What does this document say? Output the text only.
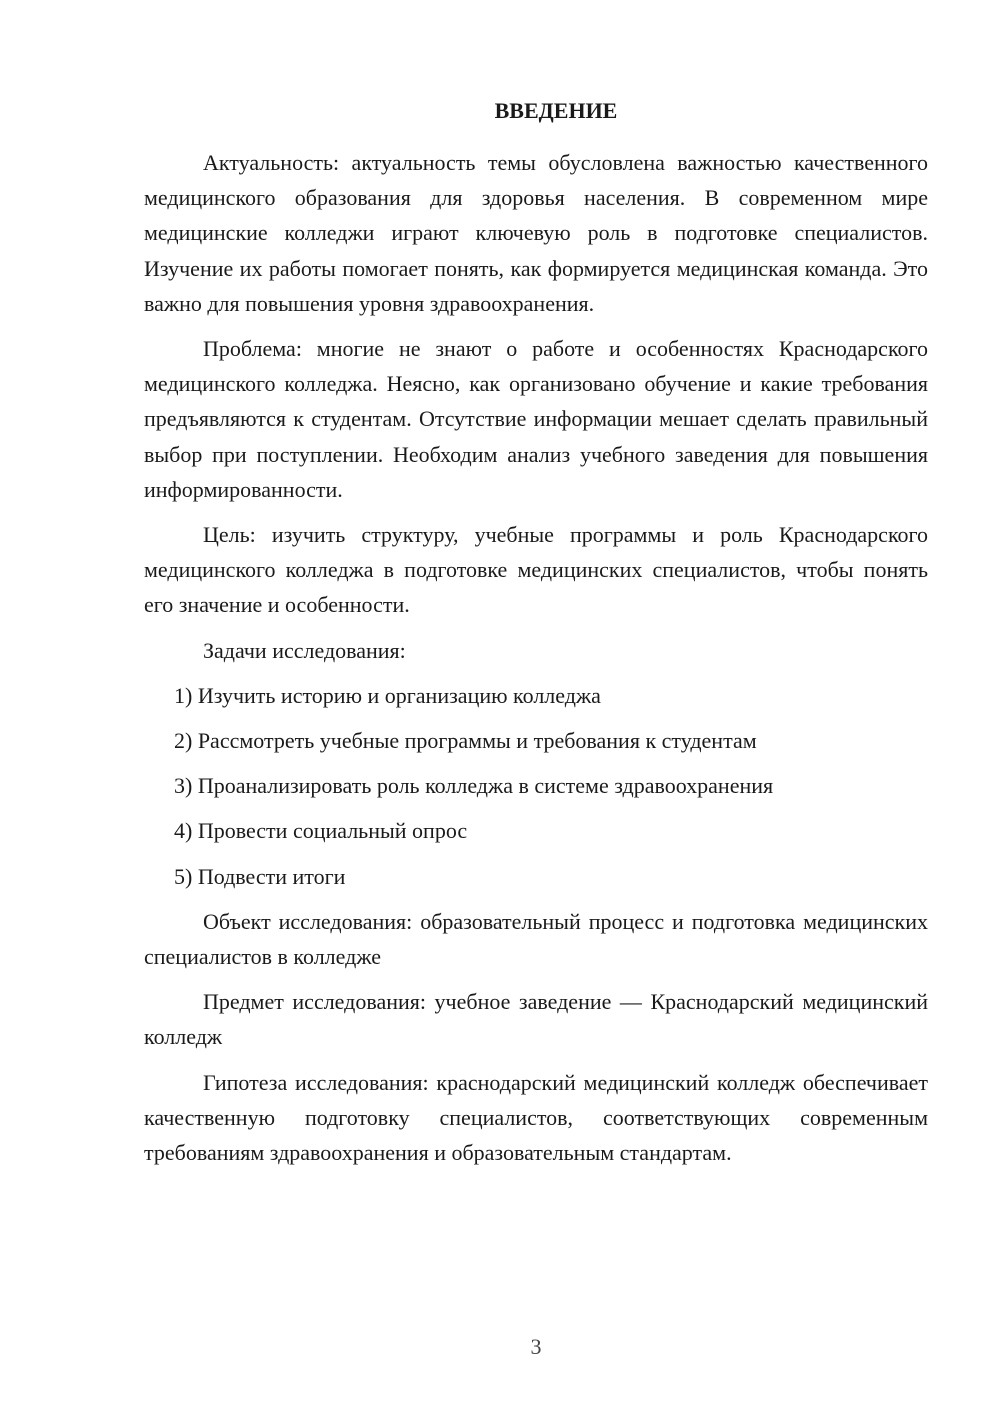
ВВЕДЕНИЕ

Актуальность: актуальность темы обусловлена важностью качественного медицинского образования для здоровья населения. В современном мире медицинские колледжи играют ключевую роль в подготовке специалистов. Изучение их работы помогает понять, как формируется медицинская команда. Это важно для повышения уровня здравоохранения.

Проблема: многие не знают о работе и особенностях Краснодарского медицинского колледжа. Неясно, как организовано обучение и какие требования предъявляются к студентам. Отсутствие информации мешает сделать правильный выбор при поступлении. Необходим анализ учебного заведения для повышения информированности.

Цель: изучить структуру, учебные программы и роль Краснодарского медицинского колледжа в подготовке медицинских специалистов, чтобы понять его значение и особенности.

Задачи исследования:

1) Изучить историю и организацию колледжа
2) Рассмотреть учебные программы и требования к студентам
3) Проанализировать роль колледжа в системе здравоохранения
4) Провести социальный опрос
5) Подвести итоги

Объект исследования: образовательный процесс и подготовка медицинских специалистов в колледже

Предмет исследования: учебное заведение — Краснодарский медицинский колледж

Гипотеза исследования: краснодарский медицинский колледж обеспечивает качественную подготовку специалистов, соответствующих современным требованиям здравоохранения и образовательным стандартам.

3
